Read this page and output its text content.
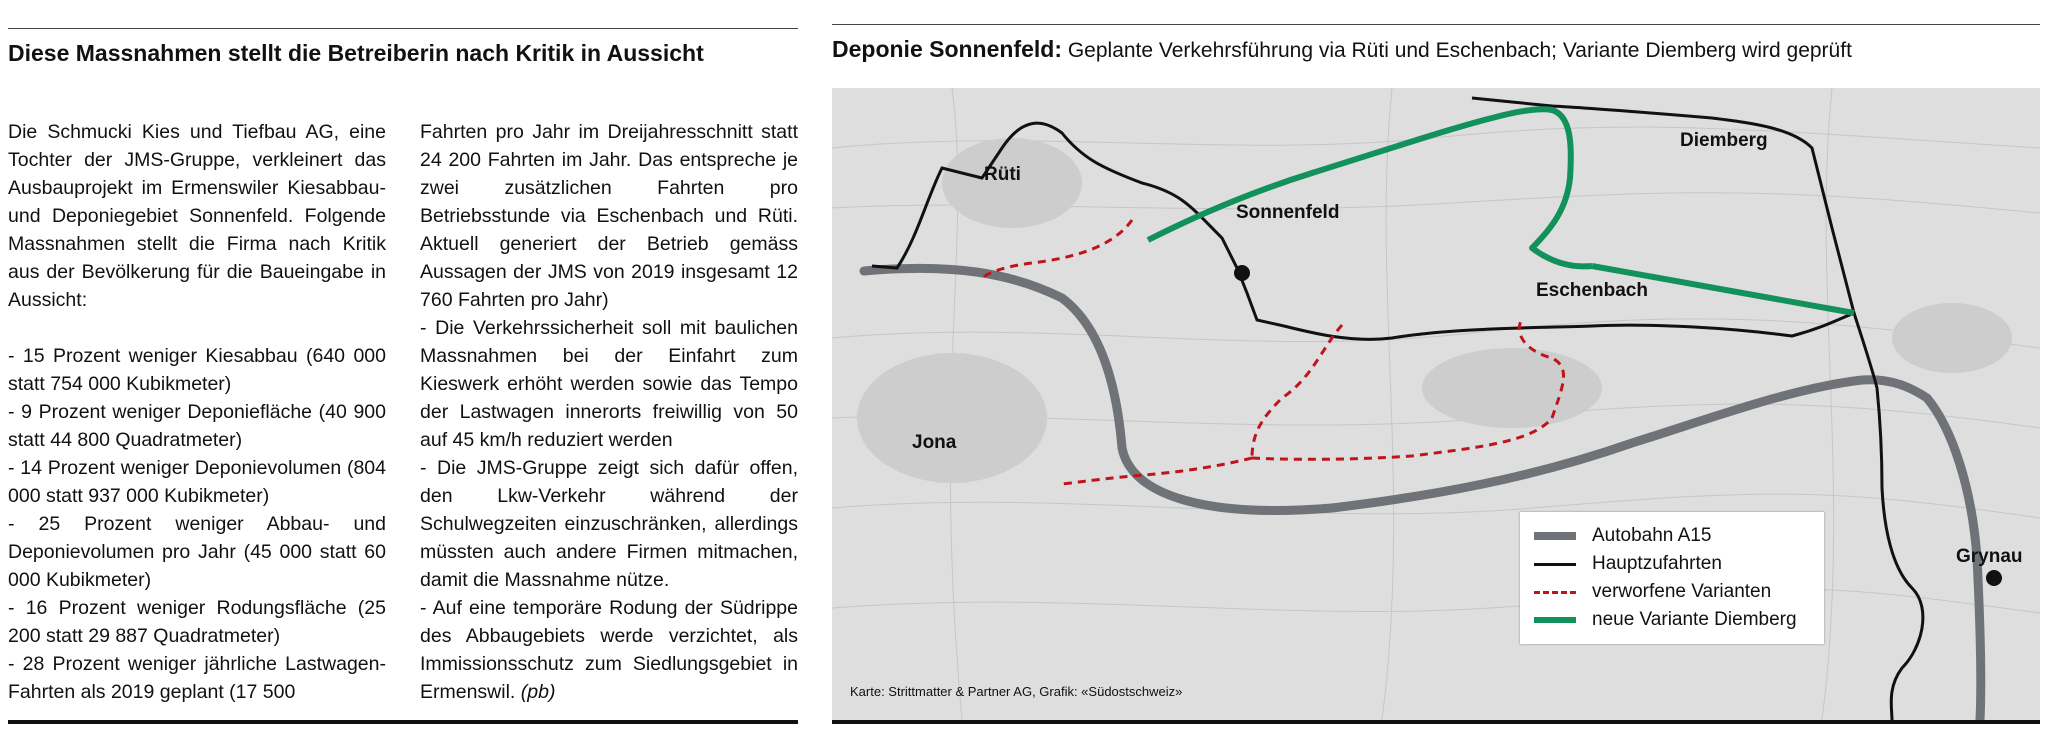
Diese Massnahmen stellt die Betreiberin nach Kritik in Aussicht

Die Schmucki Kies und Tiefbau AG, eine Tochter der JMS-Gruppe, verkleinert das Ausbauprojekt im Ermenswiler Kiesabbau- und Deponiegebiet Sonnenfeld. Folgende Massnahmen stellt die Firma nach Kritik aus der Bevölkerung für die Baueingabe in Aussicht:

- 15 Prozent weniger Kiesabbau (640 000 statt 754 000 Kubikmeter)

- 9 Prozent weniger Deponiefläche (40 900 statt 44 800 Quadratmeter)

- 14 Prozent weniger Deponievolumen (804 000 statt 937 000 Kubikmeter)

- 25 Prozent weniger Abbau- und Deponievolumen pro Jahr (45 000 statt 60 000 Kubikmeter)

- 16 Prozent weniger Rodungsfläche (25 200 statt 29 887 Quadratmeter)

- 28 Prozent weniger jährliche Lastwagen-Fahrten als 2019 geplant (17 500

Fahrten pro Jahr im Dreijahresschnitt statt 24 200 Fahrten im Jahr. Das entspreche je zwei zusätzlichen Fahrten pro Betriebsstunde via Eschenbach und Rüti. Aktuell generiert der Betrieb gemäss Aussagen der JMS von 2019 insgesamt 12 760 Fahrten pro Jahr)

- Die Verkehrssicherheit soll mit baulichen Massnahmen bei der Einfahrt zum Kieswerk erhöht werden sowie das Tempo der Lastwagen innerorts freiwillig von 50 auf 45 km/h reduziert werden

- Die JMS-Gruppe zeigt sich dafür offen, den Lkw-Verkehr während der Schulwegzeiten einzuschränken, allerdings müssten auch andere Firmen mitmachen, damit die Massnahme nütze.

- Auf eine temporäre Rodung der Südrippe des Abbaugebiets werde verzichtet, als Immissionsschutz zum Siedlungsgebiet in Ermenswil. (pb)

Deponie Sonnenfeld: Geplante Verkehrsführung via Rüti und Eschenbach; Variante Diemberg wird geprüft
Rüti
Sonnenfeld
Diemberg
Eschenbach
Jona
Grynau
Autobahn A15
Hauptzufahrten
verworfene Varianten
neue Variante Diemberg
Karte: Strittmatter & Partner AG, Grafik: «Südostschweiz»
